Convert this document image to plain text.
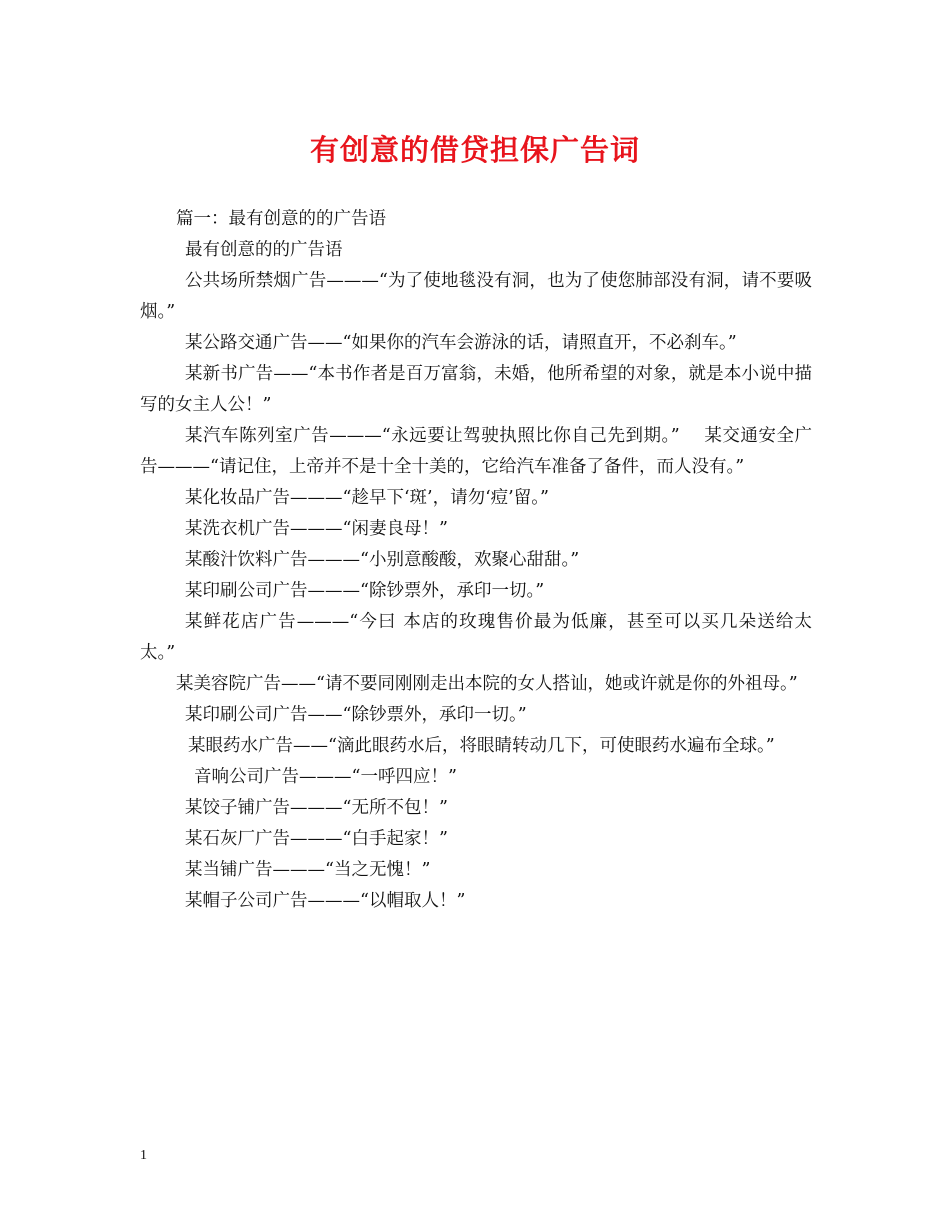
有创意的借贷担保广告词

篇一：最有创意的的广告语

最有创意的的广告语

公共场所禁烟广告———“为了使地毯没有洞，也为了使您肺部没有洞，请不要吸烟。”

某公路交通广告——“如果你的汽车会游泳的话，请照直开，不必刹车。”

某新书广告——“本书作者是百万富翁，未婚，他所希望的对象，就是本小说中描写的女主人公！”

某汽车陈列室广告———“永远要让驾驶执照比你自己先到期。”　 某交通安全广告———“请记住，上帝并不是十全十美的，它给汽车准备了备件，而人没有。”

某化妆品广告———“趁早下‘斑’，请勿‘痘’留。”

某洗衣机广告———“闲妻良母！”

某酸汁饮料广告———“小别意酸酸，欢聚心甜甜。”

某印刷公司广告———“除钞票外，承印一切。”

某鲜花店广告———“今曰 本店的玫瑰售价最为低廉，甚至可以买几朵送给太太。”

某美容院广告——“请不要同刚刚走出本院的女人搭讪，她或许就是你的外祖母。”

某印刷公司广告——“除钞票外，承印一切。”

某眼药水广告——“滴此眼药水后，将眼睛转动几下，可使眼药水遍布全球。”

音响公司广告———“一呼四应！”

某饺子铺广告———“无所不包！”

某石灰厂广告———“白手起家！”

某当铺广告———“当之无愧！”

某帽子公司广告———“以帽取人！”

1
